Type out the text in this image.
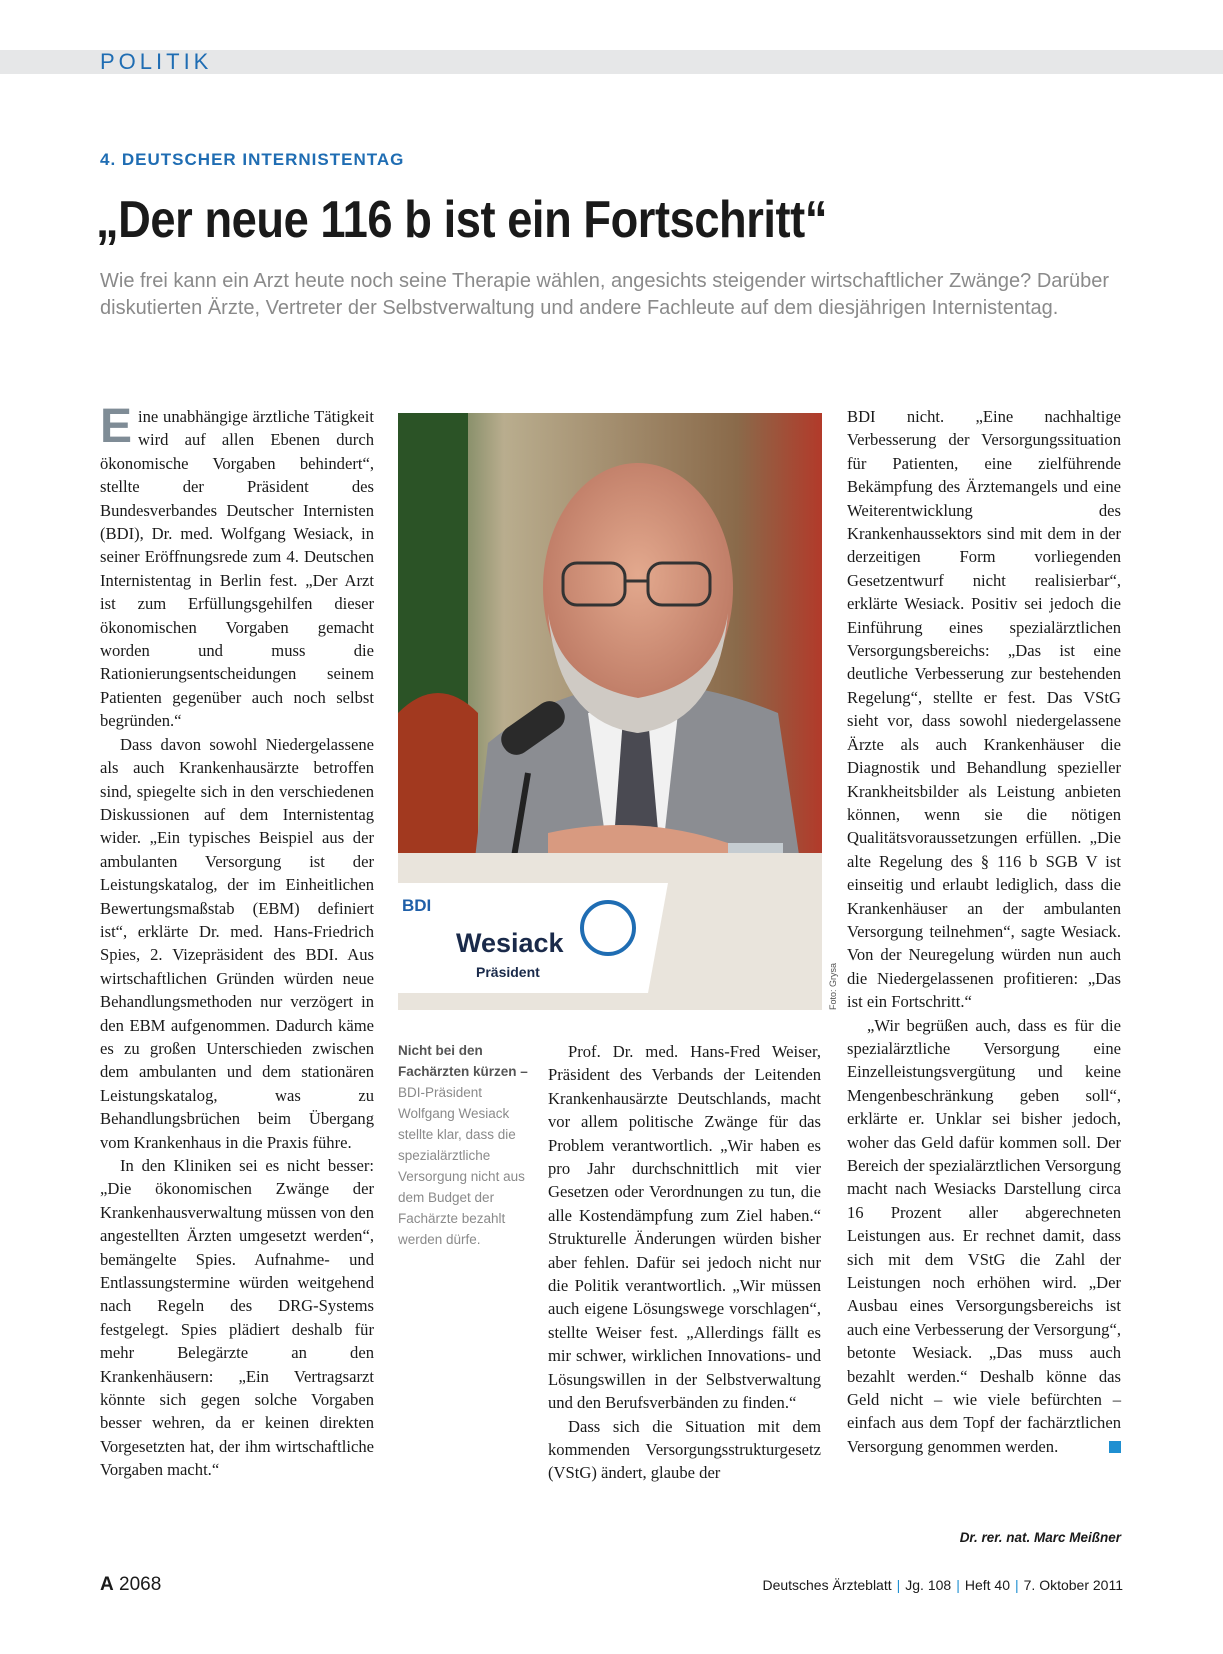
POLITIK
4. DEUTSCHER INTERNISTENTAG
„Der neue 116 b ist ein Fortschritt“
Wie frei kann ein Arzt heute noch seine Therapie wählen, angesichts steigender wirtschaftlicher Zwänge? Darüber diskutierten Ärzte, Vertreter der Selbstverwaltung und andere Fachleute auf dem diesjährigen Internistentag.

Eine unabhängige ärztliche Tätigkeit wird auf allen Ebenen durch ökonomische Vorgaben behindert“, stellte der Präsident des Bundesverbandes Deutscher Internisten (BDI), Dr. med. Wolfgang Wesiack, in seiner Eröffnungsrede zum 4. Deutschen Internistentag in Berlin fest. „Der Arzt ist zum Erfüllungsgehilfen dieser ökonomischen Vorgaben gemacht worden und muss die Rationierungsentscheidungen seinem Patienten gegenüber auch noch selbst begründen.“

Dass davon sowohl Niedergelassene als auch Krankenhausärzte betroffen sind, spiegelte sich in den verschiedenen Diskussionen auf dem Internistentag wider. „Ein typisches Beispiel aus der ambulanten Versorgung ist der Leistungskatalog, der im Einheitlichen Bewertungsmaßstab (EBM) definiert ist“, erklärte Dr. med. Hans-Friedrich Spies, 2. Vizepräsident des BDI. Aus wirtschaftlichen Gründen würden neue Behandlungsmethoden nur verzögert in den EBM aufgenommen. Dadurch käme es zu großen Unterschieden zwischen dem ambulanten und dem stationären Leistungskatalog, was zu Behandlungsbrüchen beim Übergang vom Krankenhaus in die Praxis führe.

In den Kliniken sei es nicht besser: „Die ökonomischen Zwänge der Krankenhausverwaltung müssen von den angestellten Ärzten umgesetzt werden“, bemängelte Spies. Aufnahme- und Entlassungstermine würden weitgehend nach Regeln des DRG-Systems festgelegt. Spies plädiert deshalb für mehr Belegärzte an den Krankenhäusern: „Ein Vertragsarzt könnte sich gegen solche Vorgaben besser wehren, da er keinen direkten Vorgesetzten hat, der ihm wirtschaftliche Vorgaben macht.“

BDI
Wesiack
Präsident	Foto: Grysa
Nicht bei den Fachärzten kürzen –
BDI-Präsident Wolfgang Wesiack stellte klar, dass die spezialärztliche Versorgung nicht aus dem Budget der Fachärzte bezahlt werden dürfe.

Prof. Dr. med. Hans-Fred Weiser, Präsident des Verbands der Leitenden Krankenhausärzte Deutschlands, macht vor allem politische Zwänge für das Problem verantwortlich. „Wir haben es pro Jahr durchschnittlich mit vier Gesetzen oder Verordnungen zu tun, die alle Kostendämpfung zum Ziel haben.“ Strukturelle Änderungen würden bisher aber fehlen. Dafür sei jedoch nicht nur die Politik verantwortlich. „Wir müssen auch eigene Lösungswege vorschlagen“, stellte Weiser fest. „Allerdings fällt es mir schwer, wirklichen Innovations- und Lösungswillen in der Selbstverwaltung und den Berufsverbänden zu finden.“

Dass sich die Situation mit dem kommenden Versorgungsstrukturgesetz (VStG) ändert, glaube der

BDI nicht. „Eine nachhaltige Verbesserung der Versorgungssituation für Patienten, eine zielführende Bekämpfung des Ärztemangels und eine Weiterentwicklung des Krankenhaussektors sind mit dem in der derzeitigen Form vorliegenden Gesetzentwurf nicht realisierbar“, erklärte Wesiack. Positiv sei jedoch die Einführung eines spezialärztlichen Versorgungsbereichs: „Das ist eine deutliche Verbesserung zur bestehenden Regelung“, stellte er fest. Das VStG sieht vor, dass sowohl niedergelassene Ärzte als auch Krankenhäuser die Diagnostik und Behandlung spezieller Krankheitsbilder als Leistung anbieten können, wenn sie die nötigen Qualitätsvoraussetzungen erfüllen. „Die alte Regelung des § 116 b SGB V ist einseitig und erlaubt lediglich, dass die Krankenhäuser an der ambulanten Versorgung teilnehmen“, sagte Wesiack. Von der Neuregelung würden nun auch die Niedergelassenen profitieren: „Das ist ein Fortschritt.“

„Wir begrüßen auch, dass es für die spezialärztliche Versorgung eine Einzelleistungsvergütung und keine Mengenbeschränkung geben soll“, erklärte er. Unklar sei bisher jedoch, woher das Geld dafür kommen soll. Der Bereich der spezialärztlichen Versorgung macht nach Wesiacks Darstellung circa 16 Prozent aller abgerechneten Leistungen aus. Er rechnet damit, dass sich mit dem VStG die Zahl der Leistungen noch erhöhen wird. „Der Ausbau eines Versorgungsbereichs ist auch eine Verbesserung der Versorgung“, betonte Wesiack. „Das muss auch bezahlt werden.“ Deshalb könne das Geld nicht – wie viele befürchten – einfach aus dem Topf der fachärztlichen Versorgung genommen werden.

Dr. rer. nat. Marc Meißner
A 2068	Deutsches Ärzteblatt | Jg. 108 | Heft 40 | 7. Oktober 2011
